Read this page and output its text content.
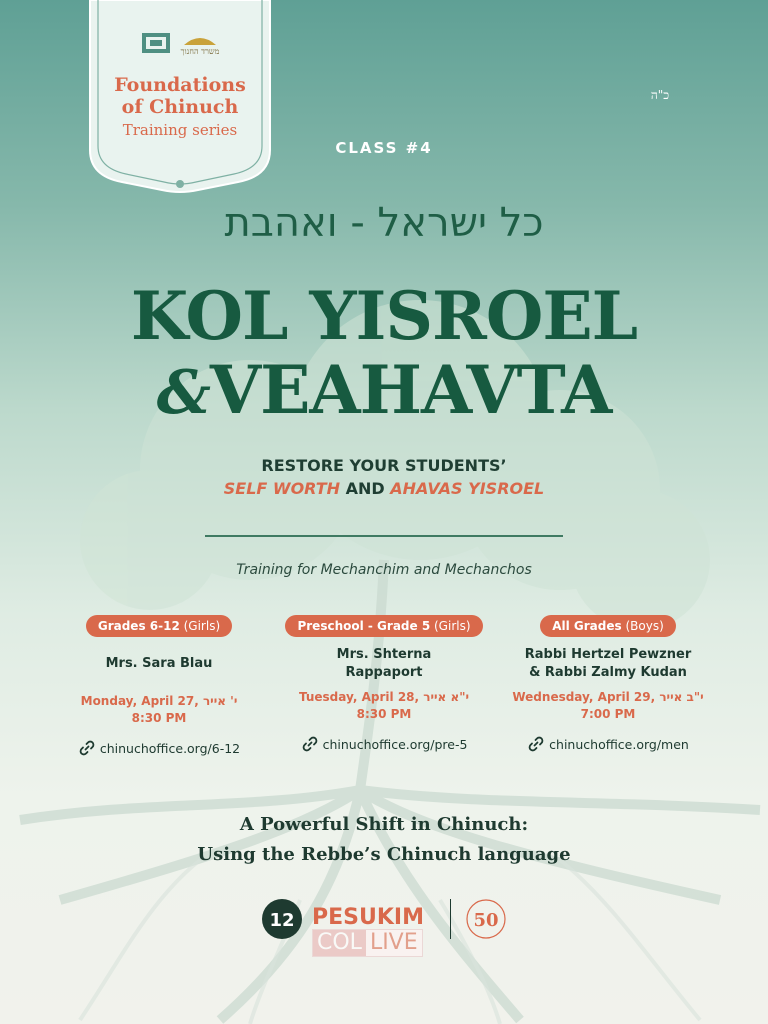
משרד החנוך
Foundations
of Chinuch
Training series
כ"ה
CLASS #4
כל ישראל - ואהבת
KOL YISROEL
&VEAHAVTA
RESTORE YOUR STUDENTS’
SELF WORTH AND AHAVAS YISROEL
Training for Mechanchim and Mechanchos
Grades 6-12 (Girls)
Mrs. Sara Blau
Monday, April 27, י' אייר
8:30 PM
chinuchoffice.org/6-12
Preschool - Grade 5 (Girls)
Mrs. Shterna
Rappaport
Tuesday, April 28, י"א אייר
8:30 PM
chinuchoffice.org/pre-5
All Grades (Boys)
Rabbi Hertzel Pewzner
& Rabbi Zalmy Kudan
Wednesday, April 29, י"ב אייר
7:00 PM
chinuchoffice.org/men
A Powerful Shift in Chinuch:
Using the Rebbe’s Chinuch language
12 PESUKIM	50
COL LIVE
